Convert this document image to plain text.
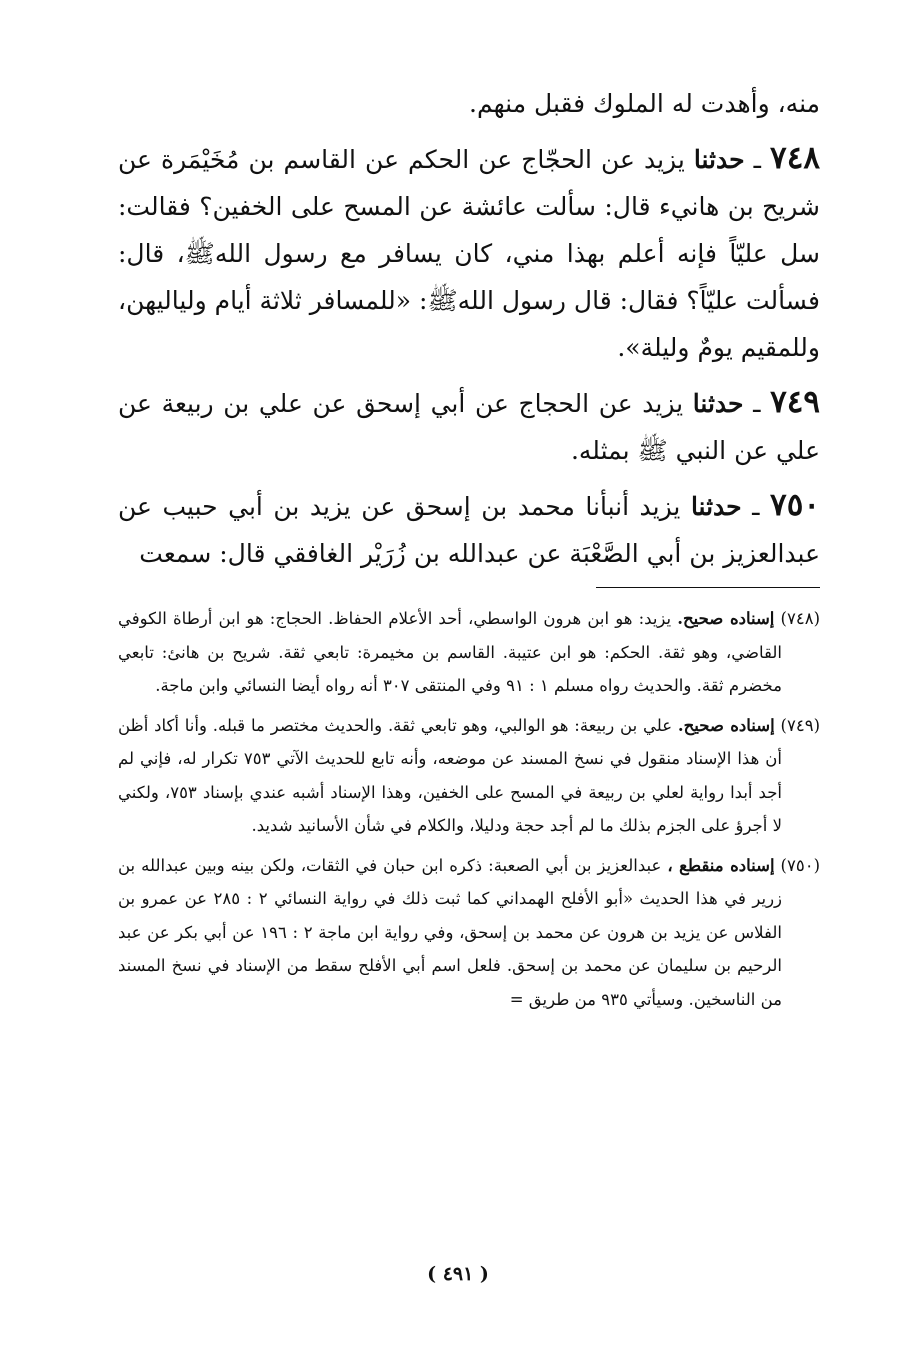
منه، وأهدت له الملوك فقبل منهم.

٧٤٨ ـ حدثنا يزيد عن الحجّاج عن الحكم عن القاسم بن مُخَيْمَرة عن شريح بن هانيء قال: سألت عائشة عن المسح على الخفين؟ فقالت: سل عليّاً فإنه أعلم بهذا مني، كان يسافر مع رسول اللهﷺ، قال: فسألت عليّاً؟ فقال: قال رسول اللهﷺ: «للمسافر ثلاثة أيام ولياليهن، وللمقيم يومٌ وليلة».

٧٤٩ ـ حدثنا يزيد عن الحجاج عن أبي إسحق عن علي بن ربيعة عن علي عن النبي ﷺ بمثله.

٧٥٠ ـ حدثنا يزيد أنبأنا محمد بن إسحق عن يزيد بن أبي حبيب عن عبدالعزيز بن أبي الصَّعْبَة عن عبدالله بن زُرَيْر الغافقي قال: سمعت

(٧٤٨) إسناده صحيح. يزيد: هو ابن هرون الواسطي، أحد الأعلام الحفاظ. الحجاج: هو ابن أرطاة الكوفي القاضي، وهو ثقة. الحكم: هو ابن عتيبة. القاسم بن مخيمرة: تابعي ثقة. شريح بن هانئ: تابعي مخضرم ثقة. والحديث رواه مسلم ١ : ٩١ وفي المنتقى ٣٠٧ أنه رواه أيضا النسائي وابن ماجة.

(٧٤٩) إسناده صحيح. علي بن ربيعة: هو الوالبي، وهو تابعي ثقة. والحديث مختصر ما قبله. وأنا أكاد أظن أن هذا الإسناد منقول في نسخ المسند عن موضعه، وأنه تابع للحديث الآتي ٧٥٣ تكرار له، فإني لم أجد أبدا رواية لعلي بن ربيعة في المسح على الخفين، وهذا الإسناد أشبه عندي بإسناد ٧٥٣، ولكني لا أجرؤ على الجزم بذلك ما لم أجد حجة ودليلا، والكلام في شأن الأسانيد شديد.

(٧٥٠) إسناده منقطع ، عبدالعزيز بن أبي الصعبة: ذكره ابن حبان في الثقات، ولكن بينه وبين عبدالله بن زرير في هذا الحديث «أبو الأفلح الهمداني كما ثبت ذلك في رواية النسائي ٢ : ٢٨٥ عن عمرو بن الفلاس عن يزيد بن هرون عن محمد بن إسحق، وفي رواية ابن ماجة ٢ : ١٩٦ عن أبي بكر عن عبد الرحيم بن سليمان عن محمد بن إسحق. فلعل اسم أبي الأفلح سقط من الإسناد في نسخ المسند من الناسخين. وسيأتي ٩٣٥ من طريق =

( ٤٩١ )
